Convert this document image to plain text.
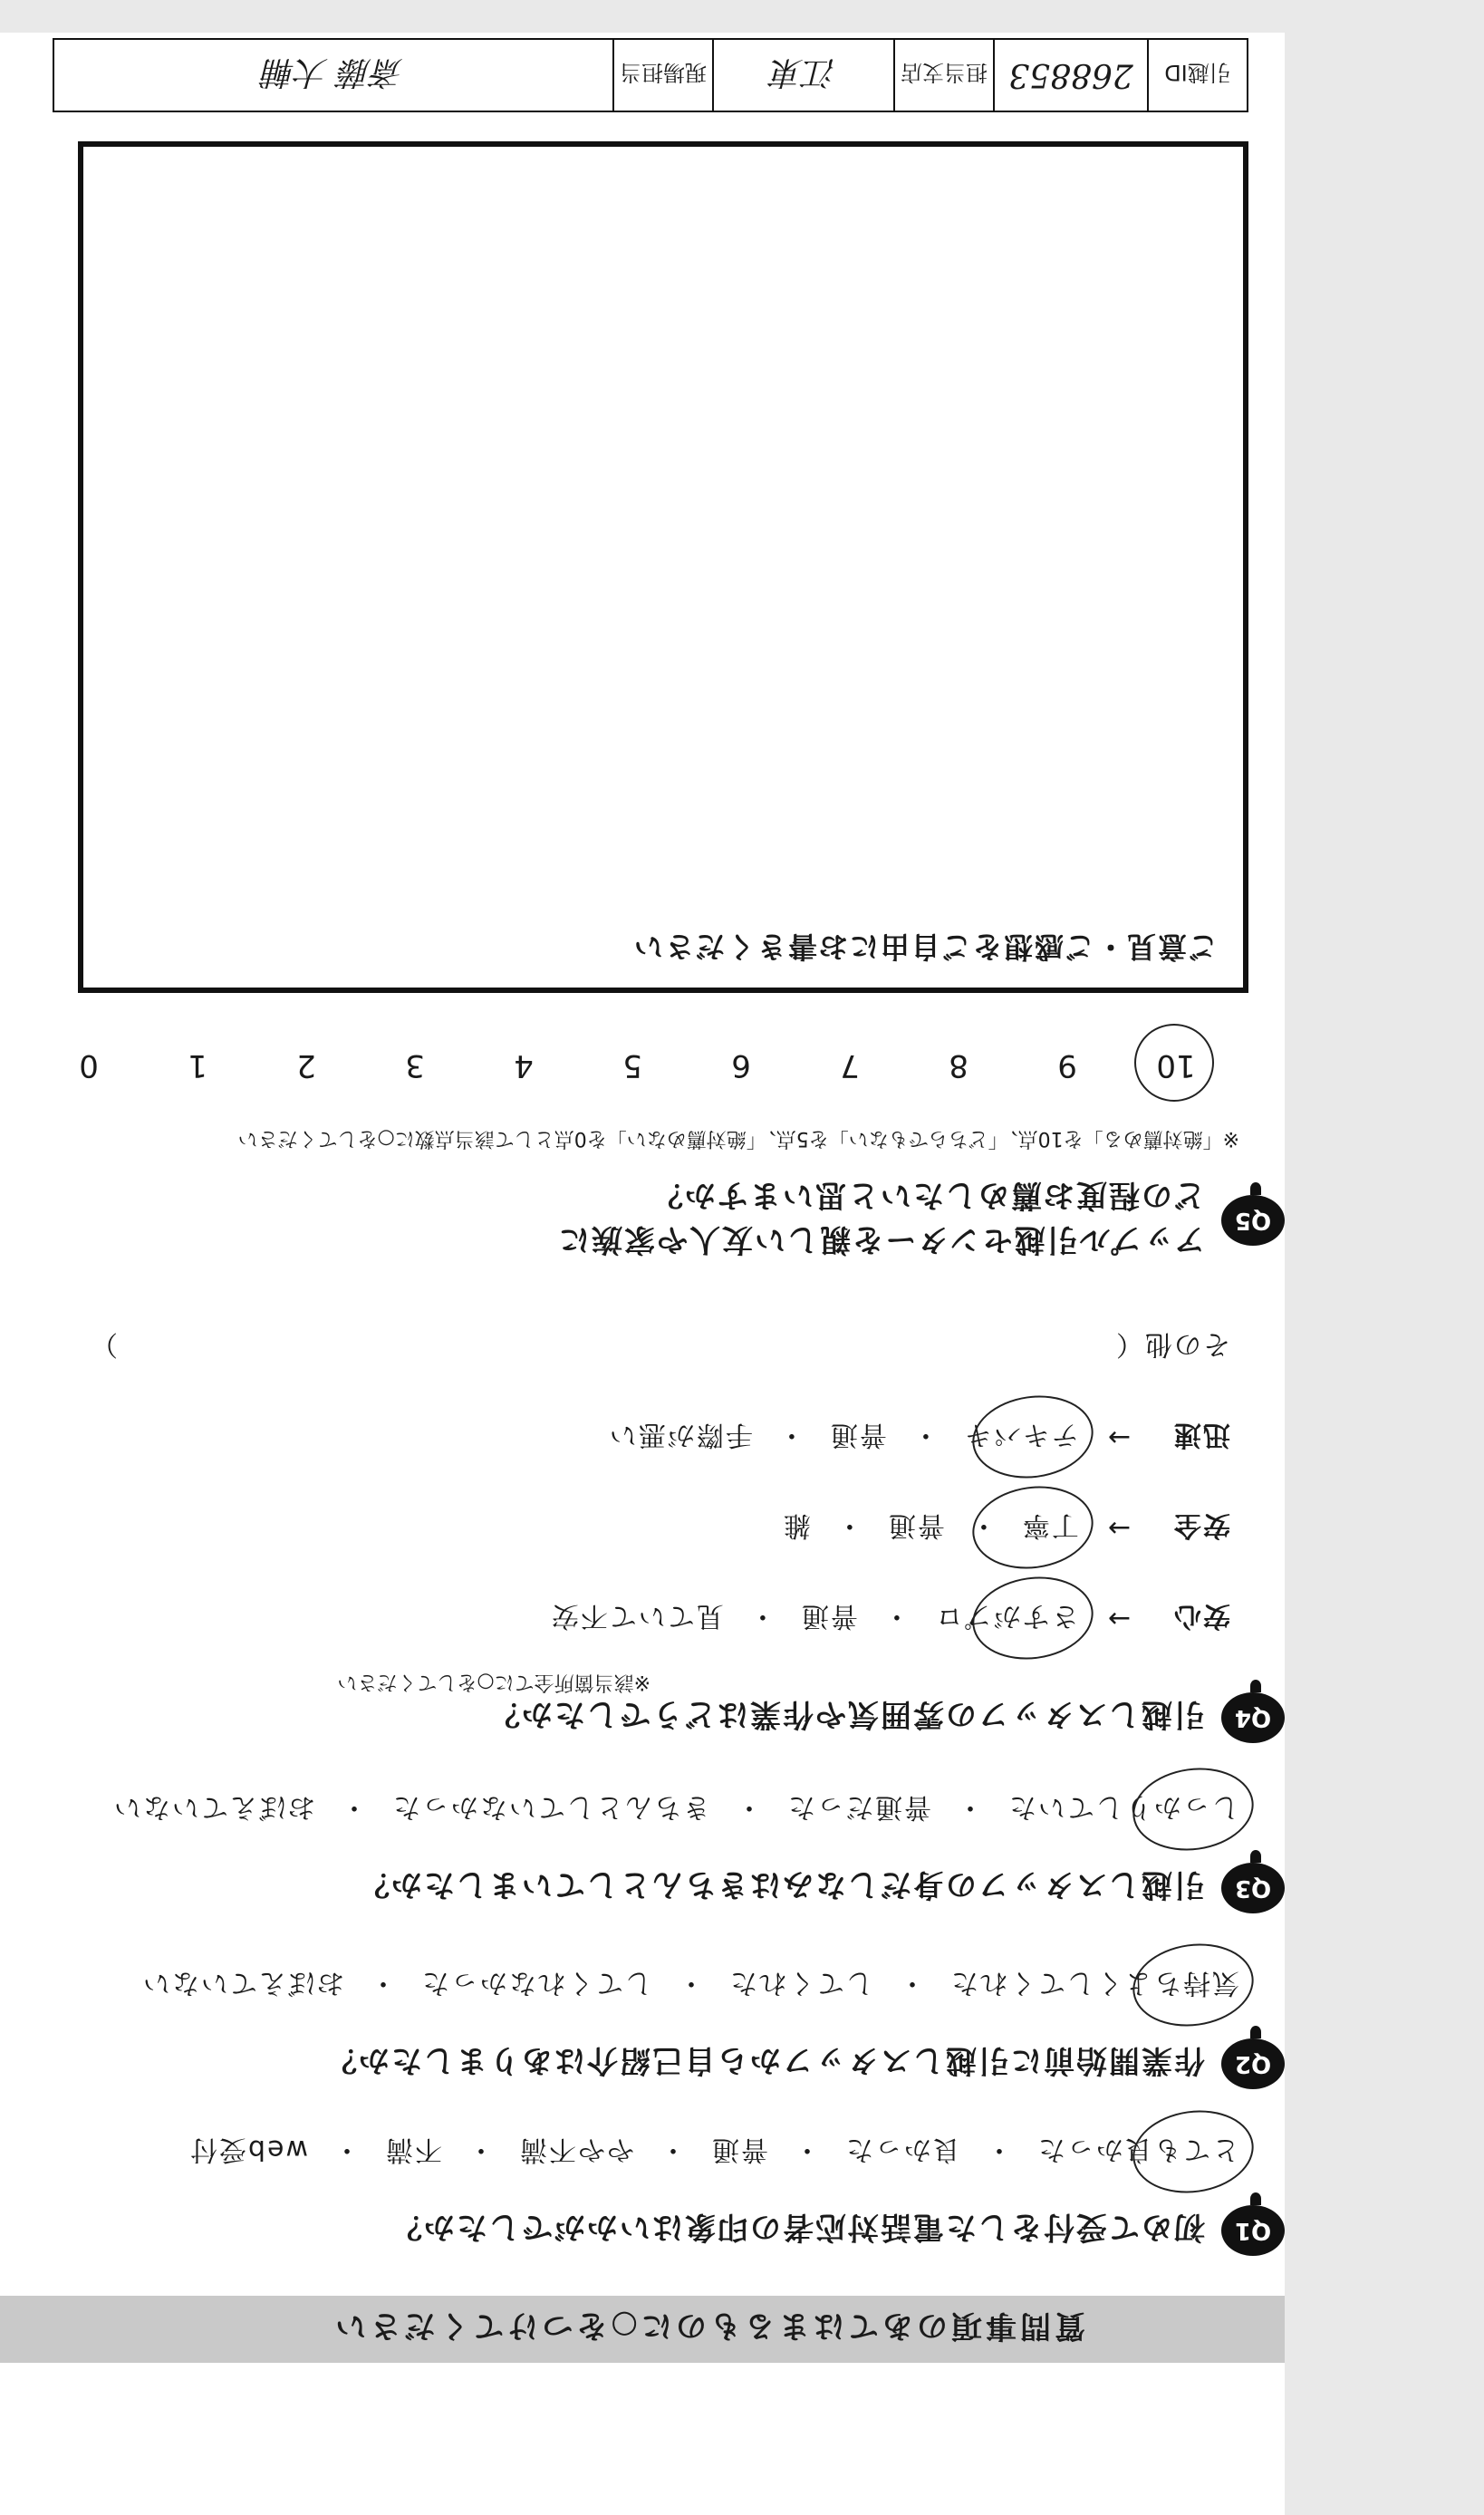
質問事項のあてはまるものに○をつけてください
Q1
初めて受付をした電話対応者の印象はいかがでしたか？
とても良かった
・
良かった
・
普通
・
やや不満
・
不満
・
web受付
Q2
作業開始前に引越しスタッフから自己紹介はありましたか？
気持ちよくしてくれた
・
してくれた
・
してくれなかった
・
おぼえていない
Q3
引越しスタッフの身だしなみはきちんとしていましたか？
しっかりしていた
・
普通だった
・
きちんとしていなかった
・
おぼえていない
Q4
引越しスタッフの雰囲気や作業はどうでしたか？
※該当箇所全てに○をしてください
安心
→
さすがプロ
・
普通
・
見ていて不安
安全
→
丁寧
・
普通
・
雑
迅速
→
テキパキ
・
普通
・
手際が悪い
その他（
）
Q5
アップル引越センターを親しい友人や家族に
どの程度お薦めしたいと思いますか？
※「絶対薦める」を10点、「どちらでもない」を5点、「絶対薦めない」を0点として該当点数に○をしてください
10
9
8
7
6
5
4
3
2
1
0
ご意見・ご感想をご自由にお書きください
引越ID
268853
担当支店
江東
現場担当
斎藤 大輔
